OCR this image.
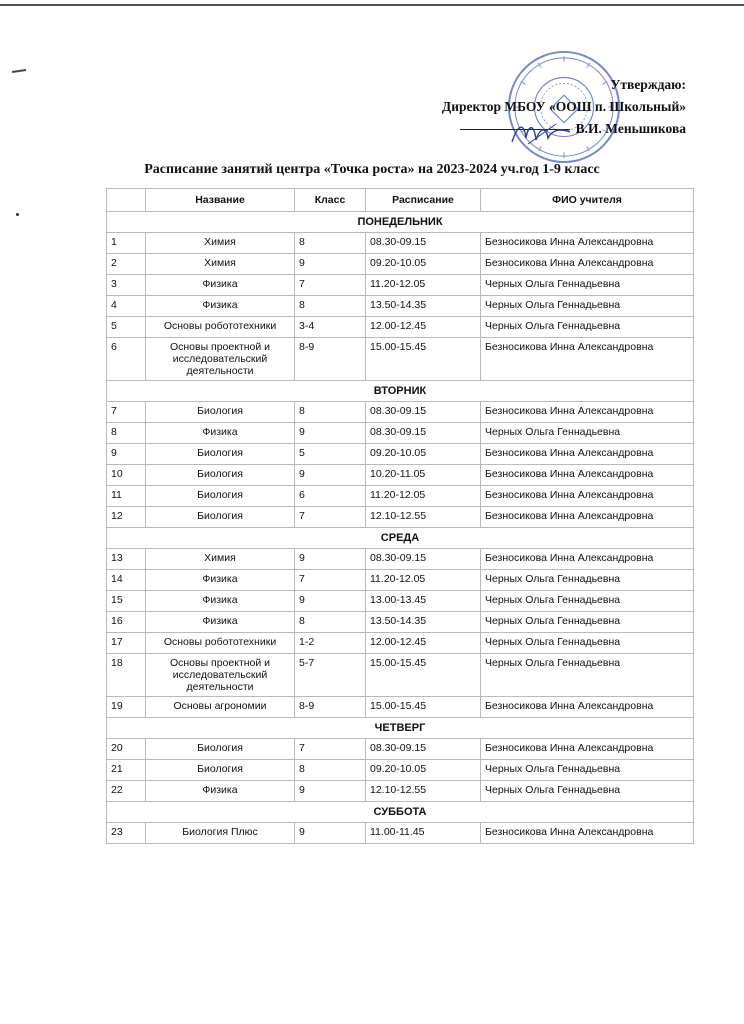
Утверждаю:
Директор МБОУ «ООШ п. Школьный»
В.И. Меньшикова
Расписание занятий центра «Точка роста» на 2023-2024 уч.год 1-9 класс
	Название	Класс	Расписание	ФИО учителя
ПОНЕДЕЛЬНИК				
1	Химия	8	08.30-09.15	Безносикова Инна Александровна
2	Химия	9	09.20-10.05	Безносикова Инна Александровна
3	Физика	7	11.20-12.05	Черных Ольга Геннадьевна
4	Физика	8	13.50-14.35	Черных Ольга Геннадьевна
5	Основы робототехники	3-4	12.00-12.45	Черных Ольга Геннадьевна
6	Основы проектной и исследовательский деятельности	8-9	15.00-15.45	Безносикова Инна Александровна
ВТОРНИК				
7	Биология	8	08.30-09.15	Безносикова Инна Александровна
8	Физика	9	08.30-09.15	Черных Ольга Геннадьевна
9	Биология	5	09.20-10.05	Безносикова Инна Александровна
10	Биология	9	10.20-11.05	Безносикова Инна Александровна
11	Биология	6	11.20-12.05	Безносикова Инна Александровна
12	Биология	7	12.10-12.55	Безносикова Инна Александровна
СРЕДА				
13	Химия	9	08.30-09.15	Безносикова Инна Александровна
14	Физика	7	11.20-12.05	Черных Ольга Геннадьевна
15	Физика	9	13.00-13.45	Черных Ольга Геннадьевна
16	Физика	8	13.50-14.35	Черных Ольга Геннадьевна
17	Основы робототехники	1-2	12.00-12.45	Черных Ольга Геннадьевна
18	Основы проектной и исследовательский деятельности	5-7	15.00-15.45	Черных Ольга Геннадьевна
19	Основы агрономии	8-9	15.00-15.45	Безносикова Инна Александровна
ЧЕТВЕРГ				
20	Биология	7	08.30-09.15	Безносикова Инна Александровна
21	Биология	8	09.20-10.05	Черных Ольга Геннадьевна
22	Физика	9	12.10-12.55	Черных Ольга Геннадьевна
СУББОТА				
23	Биология Плюс	9	11.00-11.45	Безносикова Инна Александровна
